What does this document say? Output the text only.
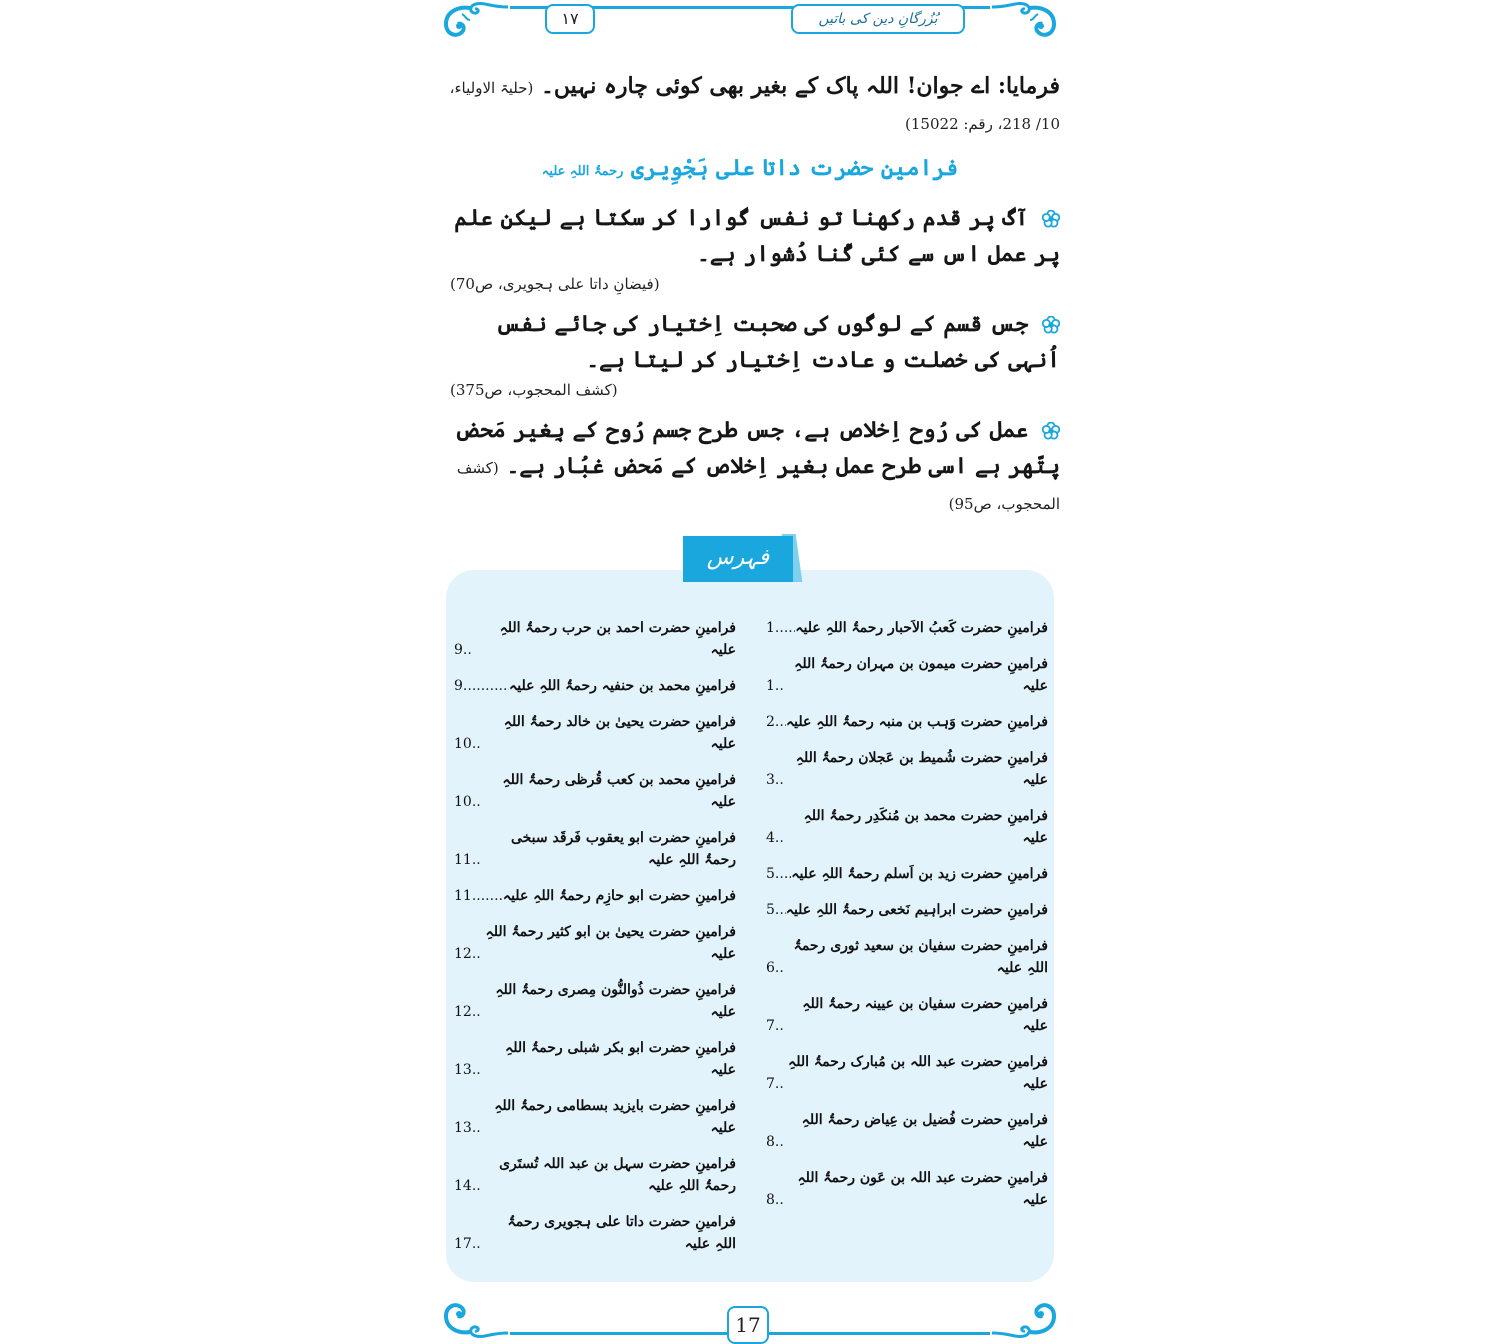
١٧	بُزُرگانِ دین کی باتیں
فرمایا: اے جوان! اللہ پاک کے بغیر بھی کوئی چارہ نہیں۔ (حلیۃ الاولیاء، 10/ 218، رقم: 15022)
فرامینِ حضرت داتا علی ہَجْوِیری رحمۃُ اللہِ علیہ
آگ پر قدم رکھنا تو نفس گوارا کر سکتا ہے لیکن علم پر عمل اس سے کئی گُنا دُشوار ہے۔
(فیضانِ داتا علی ہجویری، ص70)
جس قسم کے لوگوں کی صحبت اِختیار کی جائے نفس اُنہی کی خصلت و عادت اِختیار کر لیتا ہے۔
(کشف المحجوب، ص375)
عمل کی رُوح اِخلاص ہے، جس طرح جسم رُوح کے بِغیر مَحض پتّھر ہے اسی طرح عمل بغیر اِخلاص کے مَحض غبُار ہے۔ (کشف المحجوب، ص95)
فہرس
فرامینِ حضرت کَعبُ الاَحبار رحمۃُ اللہِ علیہ
.....
1
فرامینِ حضرت میمون بن مہران رحمۃُ اللہِ علیہ
.....
1
فرامینِ حضرت وَہب بن منبہ رحمۃُ اللہِ علیہ
.....
2
فرامینِ حضرت شُمیط بن عَجلان رحمۃُ اللہِ علیہ
.....
3
فرامینِ حضرت محمد بن مُنکَدِر رحمۃُ اللہِ علیہ
.....
4
فرامینِ حضرت زید بن اَسلم رحمۃُ اللہِ علیہ
.....
5
فرامینِ حضرت ابراہیم نَخعی رحمۃُ اللہِ علیہ
.....
5
فرامینِ حضرت سفیان بن سعید ثوری رحمۃُ اللہِ علیہ
.....
6
فرامینِ حضرت سفیان بن عیینہ رحمۃُ اللہِ علیہ
.....
7
فرامینِ حضرت عبد اللہ بن مُبارک رحمۃُ اللہِ علیہ
.....
7
فرامینِ حضرت فُضیل بن عِیاض رحمۃُ اللہِ علیہ
.....
8
فرامینِ حضرت عبد اللہ بن عَون رحمۃُ اللہِ علیہ
.....
8
فرامینِ حضرت احمد بن حرب رحمۃُ اللہِ علیہ
.....
9
فرامینِ محمد بن حنفیہ رحمۃُ اللہِ علیہ
.....
9
فرامینِ حضرت یحییٰ بن خالد رحمۃُ اللہِ علیہ
.....
10
فرامینِ محمد بن کعب قُرظی رحمۃُ اللہِ علیہ
.....
10
فرامینِ حضرت ابو یعقوب فَرقَد سبخی رحمۃُ اللہِ علیہ
.....
11
فرامینِ حضرت ابو حازِم رحمۃُ اللہِ علیہ
.....
11
فرامینِ حضرت یحییٰ بن ابو کثیر رحمۃُ اللہِ علیہ
.....
12
فرامینِ حضرت ذُوالنُّون مِصری رحمۃُ اللہِ علیہ
.....
12
فرامینِ حضرت ابو بکر شبلی رحمۃُ اللہِ علیہ
.....
13
فرامینِ حضرت بایزید بسطامی رحمۃُ اللہِ علیہ
.....
13
فرامینِ حضرت سہل بن عبد اللہ تُستَری رحمۃُ اللہِ علیہ
.....
14
فرامینِ حضرت داتا علی ہجویری رحمۃُ اللہِ علیہ
.....
17
17
